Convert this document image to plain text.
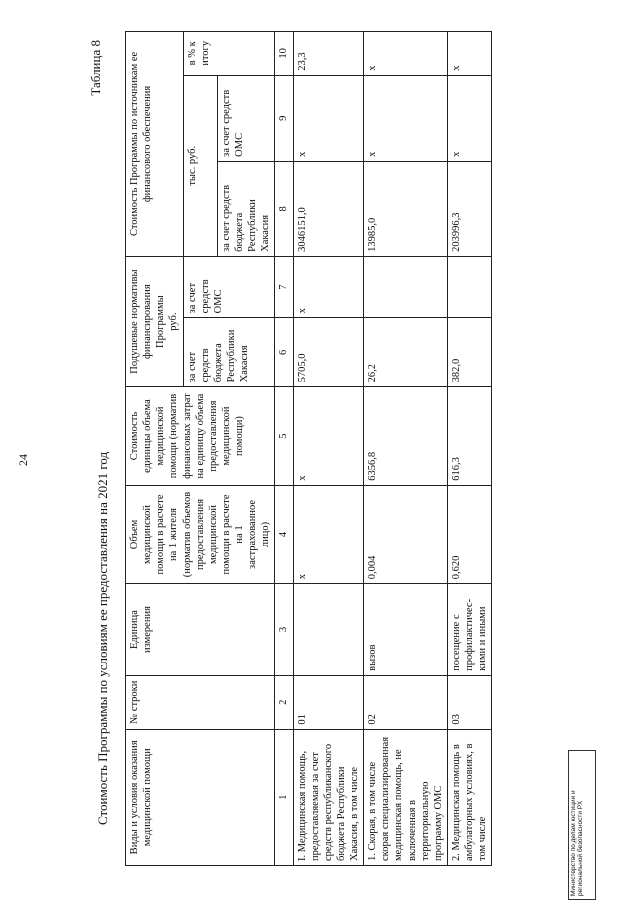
24
Таблица 8
Стоимость Программы по условиям ее предоставления на 2021 год Виды и условия оказания медицинской помощи	№ строки	Единица измерения	Объем медицинской помощи в расчете на 1 жителя (норматив объемов предоставления медицинской помощи в расчете на 1 застрахованное лицо)	Стоимость единицы объема медицинской помощи (норматив финансовых затрат на единицу объема предоставления медицинской помощи)	Подушевые нормативы финансирования Программы руб.		Стоимость Программы по источникам ее финансового обеспечения		
					за счет средств бюджета Республики Хакасия	за счет средств ОМС	тыс. руб.		в % к итогу
							за счет средств бюджета Республики Хакасия	за счет средств ОМС	
1	2	3	4	5	6	7	8	9	10
I. Медицинская помощь, предоставляемая за счет средств республиканского бюджета Республики Хакасия, в том числе	01		x	x	5705,0	x	3046151,0	x	23,3
1. Скорая, в том числе скорая специализированная медицинская помощь, не включенная в территориальную программу ОМС	02	вызов	0,004	6356,8	26,2		13985,0	x	x
2. Медицинская помощь в амбулаторных условиях, в том числе	03	посещение с профилактичес- кими и иными	0,620	616,3	382,0		203996,3	x	x
Министерство по делам юстиции и региональной безопасности РХ
